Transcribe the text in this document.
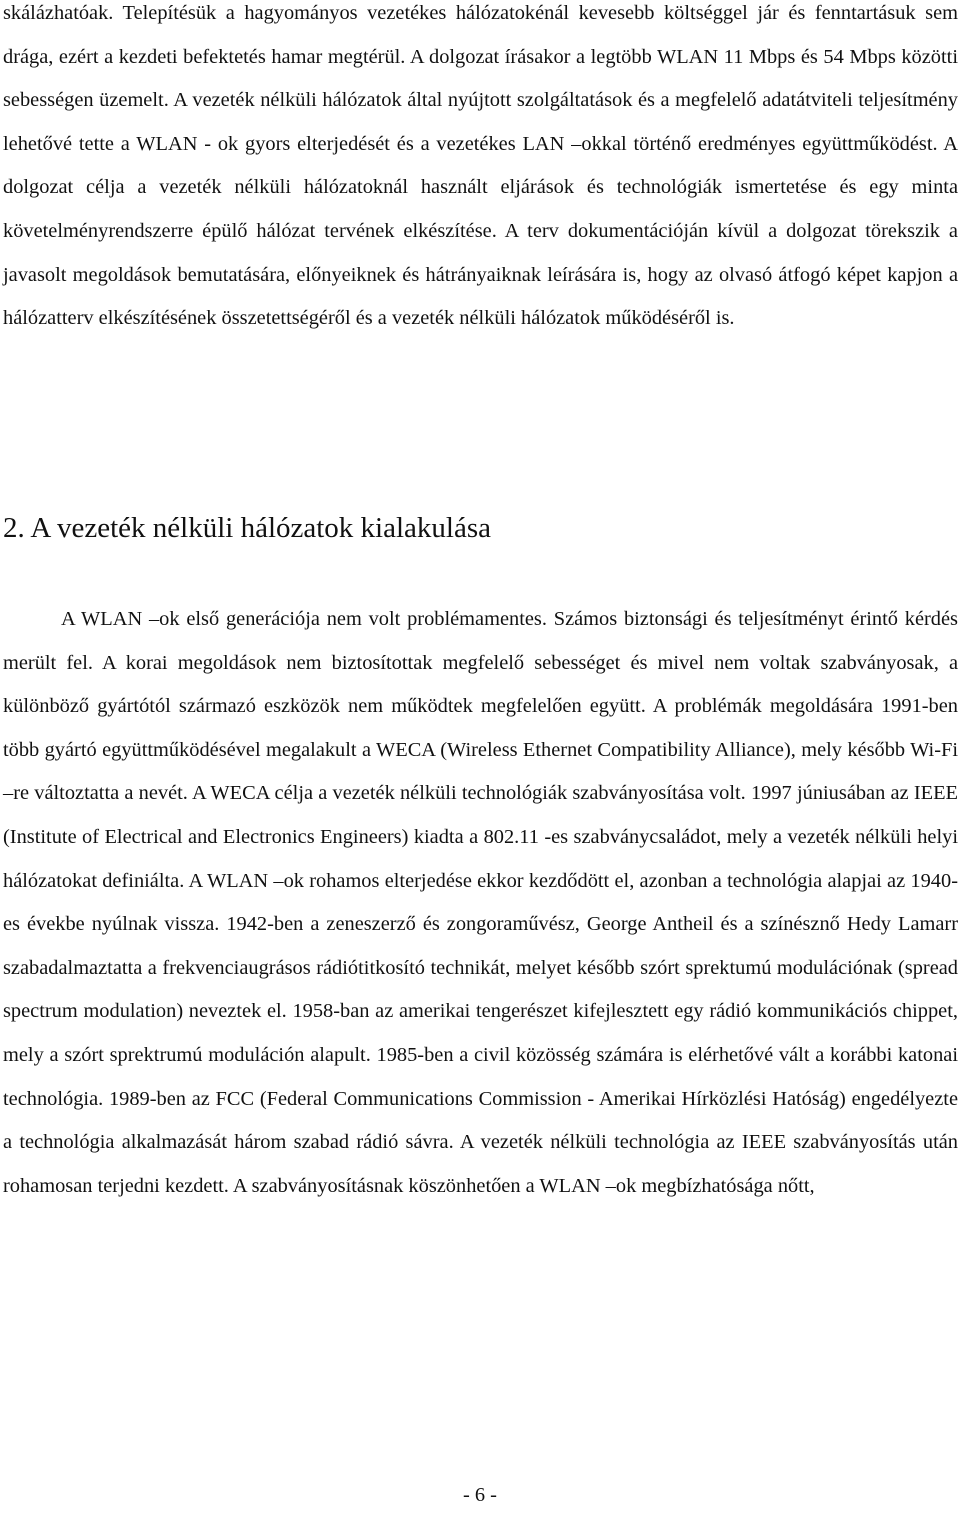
skálázhatóak. Telepítésük a hagyományos vezetékes hálózatokénál kevesebb költséggel jár és fenntartásuk sem drága, ezért a kezdeti befektetés hamar megtérül. A dolgozat írásakor a legtöbb WLAN 11 Mbps és 54 Mbps közötti sebességen üzemelt. A vezeték nélküli hálózatok által nyújtott szolgáltatások és a megfelelő adatátviteli teljesítmény lehetővé tette a WLAN - ok gyors elterjedését és a vezetékes LAN –okkal történő eredményes együttműködést. A dolgozat célja a vezeték nélküli hálózatoknál használt eljárások és technológiák ismertetése és egy minta követelményrendszerre épülő hálózat tervének elkészítése. A terv dokumentációján kívül a dolgozat törekszik a javasolt megoldások bemutatására, előnyeiknek és hátrányaiknak leírására is, hogy az olvasó átfogó képet kapjon a hálózatterv elkészítésének összetettségéről és a vezeték nélküli hálózatok működéséről is.

2. A vezeték nélküli hálózatok kialakulása

A WLAN –ok első generációja nem volt problémamentes. Számos biztonsági és teljesítményt érintő kérdés merült fel. A korai megoldások nem biztosítottak megfelelő sebességet és mivel nem voltak szabványosak, a különböző gyártótól származó eszközök nem működtek megfelelően együtt. A problémák megoldására 1991-ben több gyártó együttműködésével megalakult a WECA (Wireless Ethernet Compatibility Alliance), mely később Wi-Fi –re változtatta a nevét. A WECA célja a vezeték nélküli technológiák szabványosítása volt. 1997 júniusában az IEEE (Institute of Electrical and Electronics Engineers) kiadta a 802.11 -es szabványcsaládot, mely a vezeték nélküli helyi hálózatokat definiálta. A WLAN –ok rohamos elterjedése ekkor kezdődött el, azonban a technológia alapjai az 1940-es évekbe nyúlnak vissza. 1942-ben a zeneszerző és zongoraművész, George Antheil és a színésznő Hedy Lamarr szabadalmaztatta a frekvenciaugrásos rádiótitkosító technikát, melyet később szórt sprektumú modulációnak (spread spectrum modulation) neveztek el. 1958-ban az amerikai tengerészet kifejlesztett egy rádió kommunikációs chippet, mely a szórt sprektrumú moduláción alapult. 1985-ben a civil közösség számára is elérhetővé vált a korábbi katonai technológia. 1989-ben az FCC (Federal Communications Commission - Amerikai Hírközlési Hatóság) engedélyezte a technológia alkalmazását három szabad rádió sávra. A vezeték nélküli technológia az IEEE szabványosítás után rohamosan terjedni kezdett. A szabványosításnak köszönhetően a WLAN –ok megbízhatósága nőtt,

- 6 -
